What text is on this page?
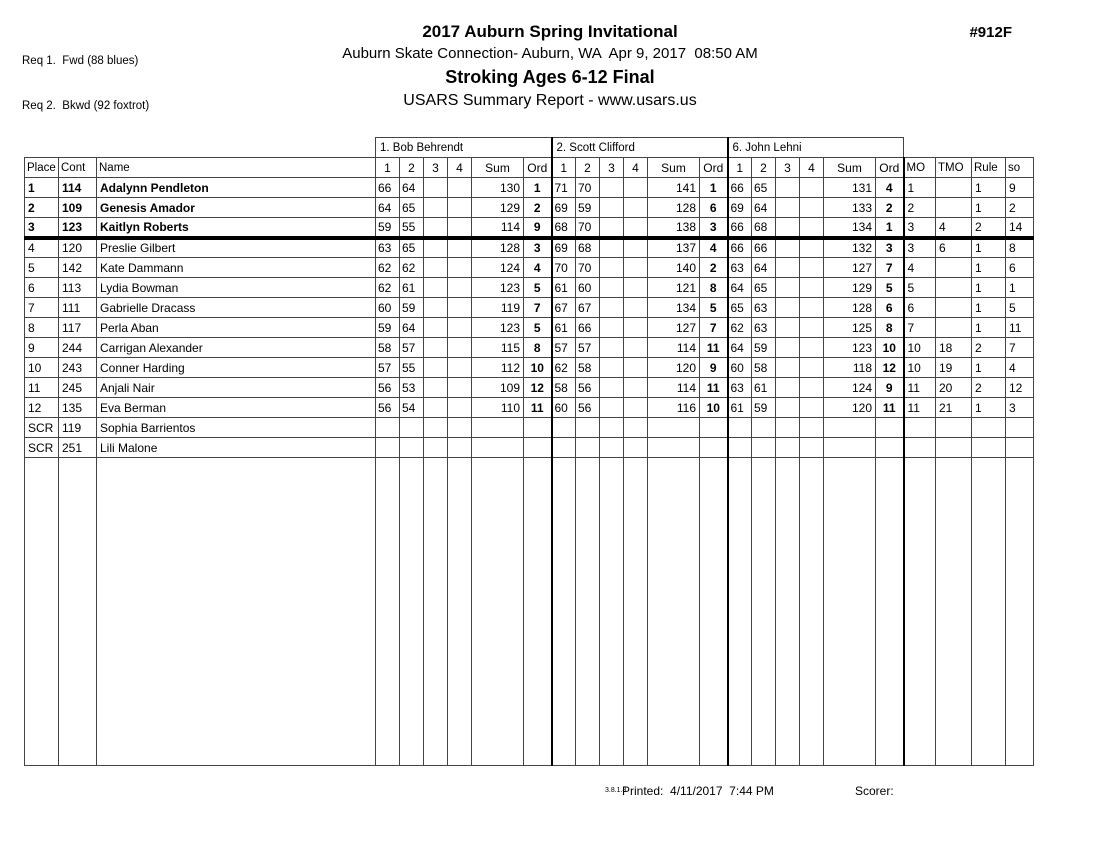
Req 1.  Fwd (88 blues)

Req 2.  Bkwd (92 foxtrot)

2017 Auburn Spring Invitational
Auburn Skate Connection- Auburn, WA  Apr 9, 2017  08:50 AM
Stroking Ages 6-12 Final
USARS Summary Report - www.usars.us
#912F
			1. Bob Behrendt						2. Scott Clifford						6. John Lehni									
Place	Cont	Name	1	2	3	4	Sum	Ord	1	2	3	4	Sum	Ord	1	2	3	4	Sum	Ord	MO	TMO	Rule	so
1	114	Adalynn Pendleton	66	64			130	1	71	70			141	1	66	65			131	4	1		1	9
2	109	Genesis Amador	64	65			129	2	69	59			128	6	69	64			133	2	2		1	2
3	123	Kaitlyn Roberts	59	55			114	9	68	70			138	3	66	68			134	1	3	4	2	14
4	120	Preslie Gilbert	63	65			128	3	69	68			137	4	66	66			132	3	3	6	1	8
5	142	Kate Dammann	62	62			124	4	70	70			140	2	63	64			127	7	4		1	6
6	113	Lydia Bowman	62	61			123	5	61	60			121	8	64	65			129	5	5		1	1
7	111	Gabrielle Dracass	60	59			119	7	67	67			134	5	65	63			128	6	6		1	5
8	117	Perla Aban	59	64			123	5	61	66			127	7	62	63			125	8	7		1	11
9	244	Carrigan Alexander	58	57			115	8	57	57			114	11	64	59			123	10	10	18	2	7
10	243	Conner Harding	57	55			112	10	62	58			120	9	60	58			118	12	10	19	1	4
11	245	Anjali Nair	56	53			109	12	58	56			114	11	63	61			124	9	11	20	2	12
12	135	Eva Berman	56	54			110	11	60	56			116	10	61	59			120	11	11	21	1	3
SCR	119	Sophia Barrientos																						
SCR	251	Lili Malone																						

3.8.1.8
Printed:  4/11/2017  7:44 PM	Scorer:
